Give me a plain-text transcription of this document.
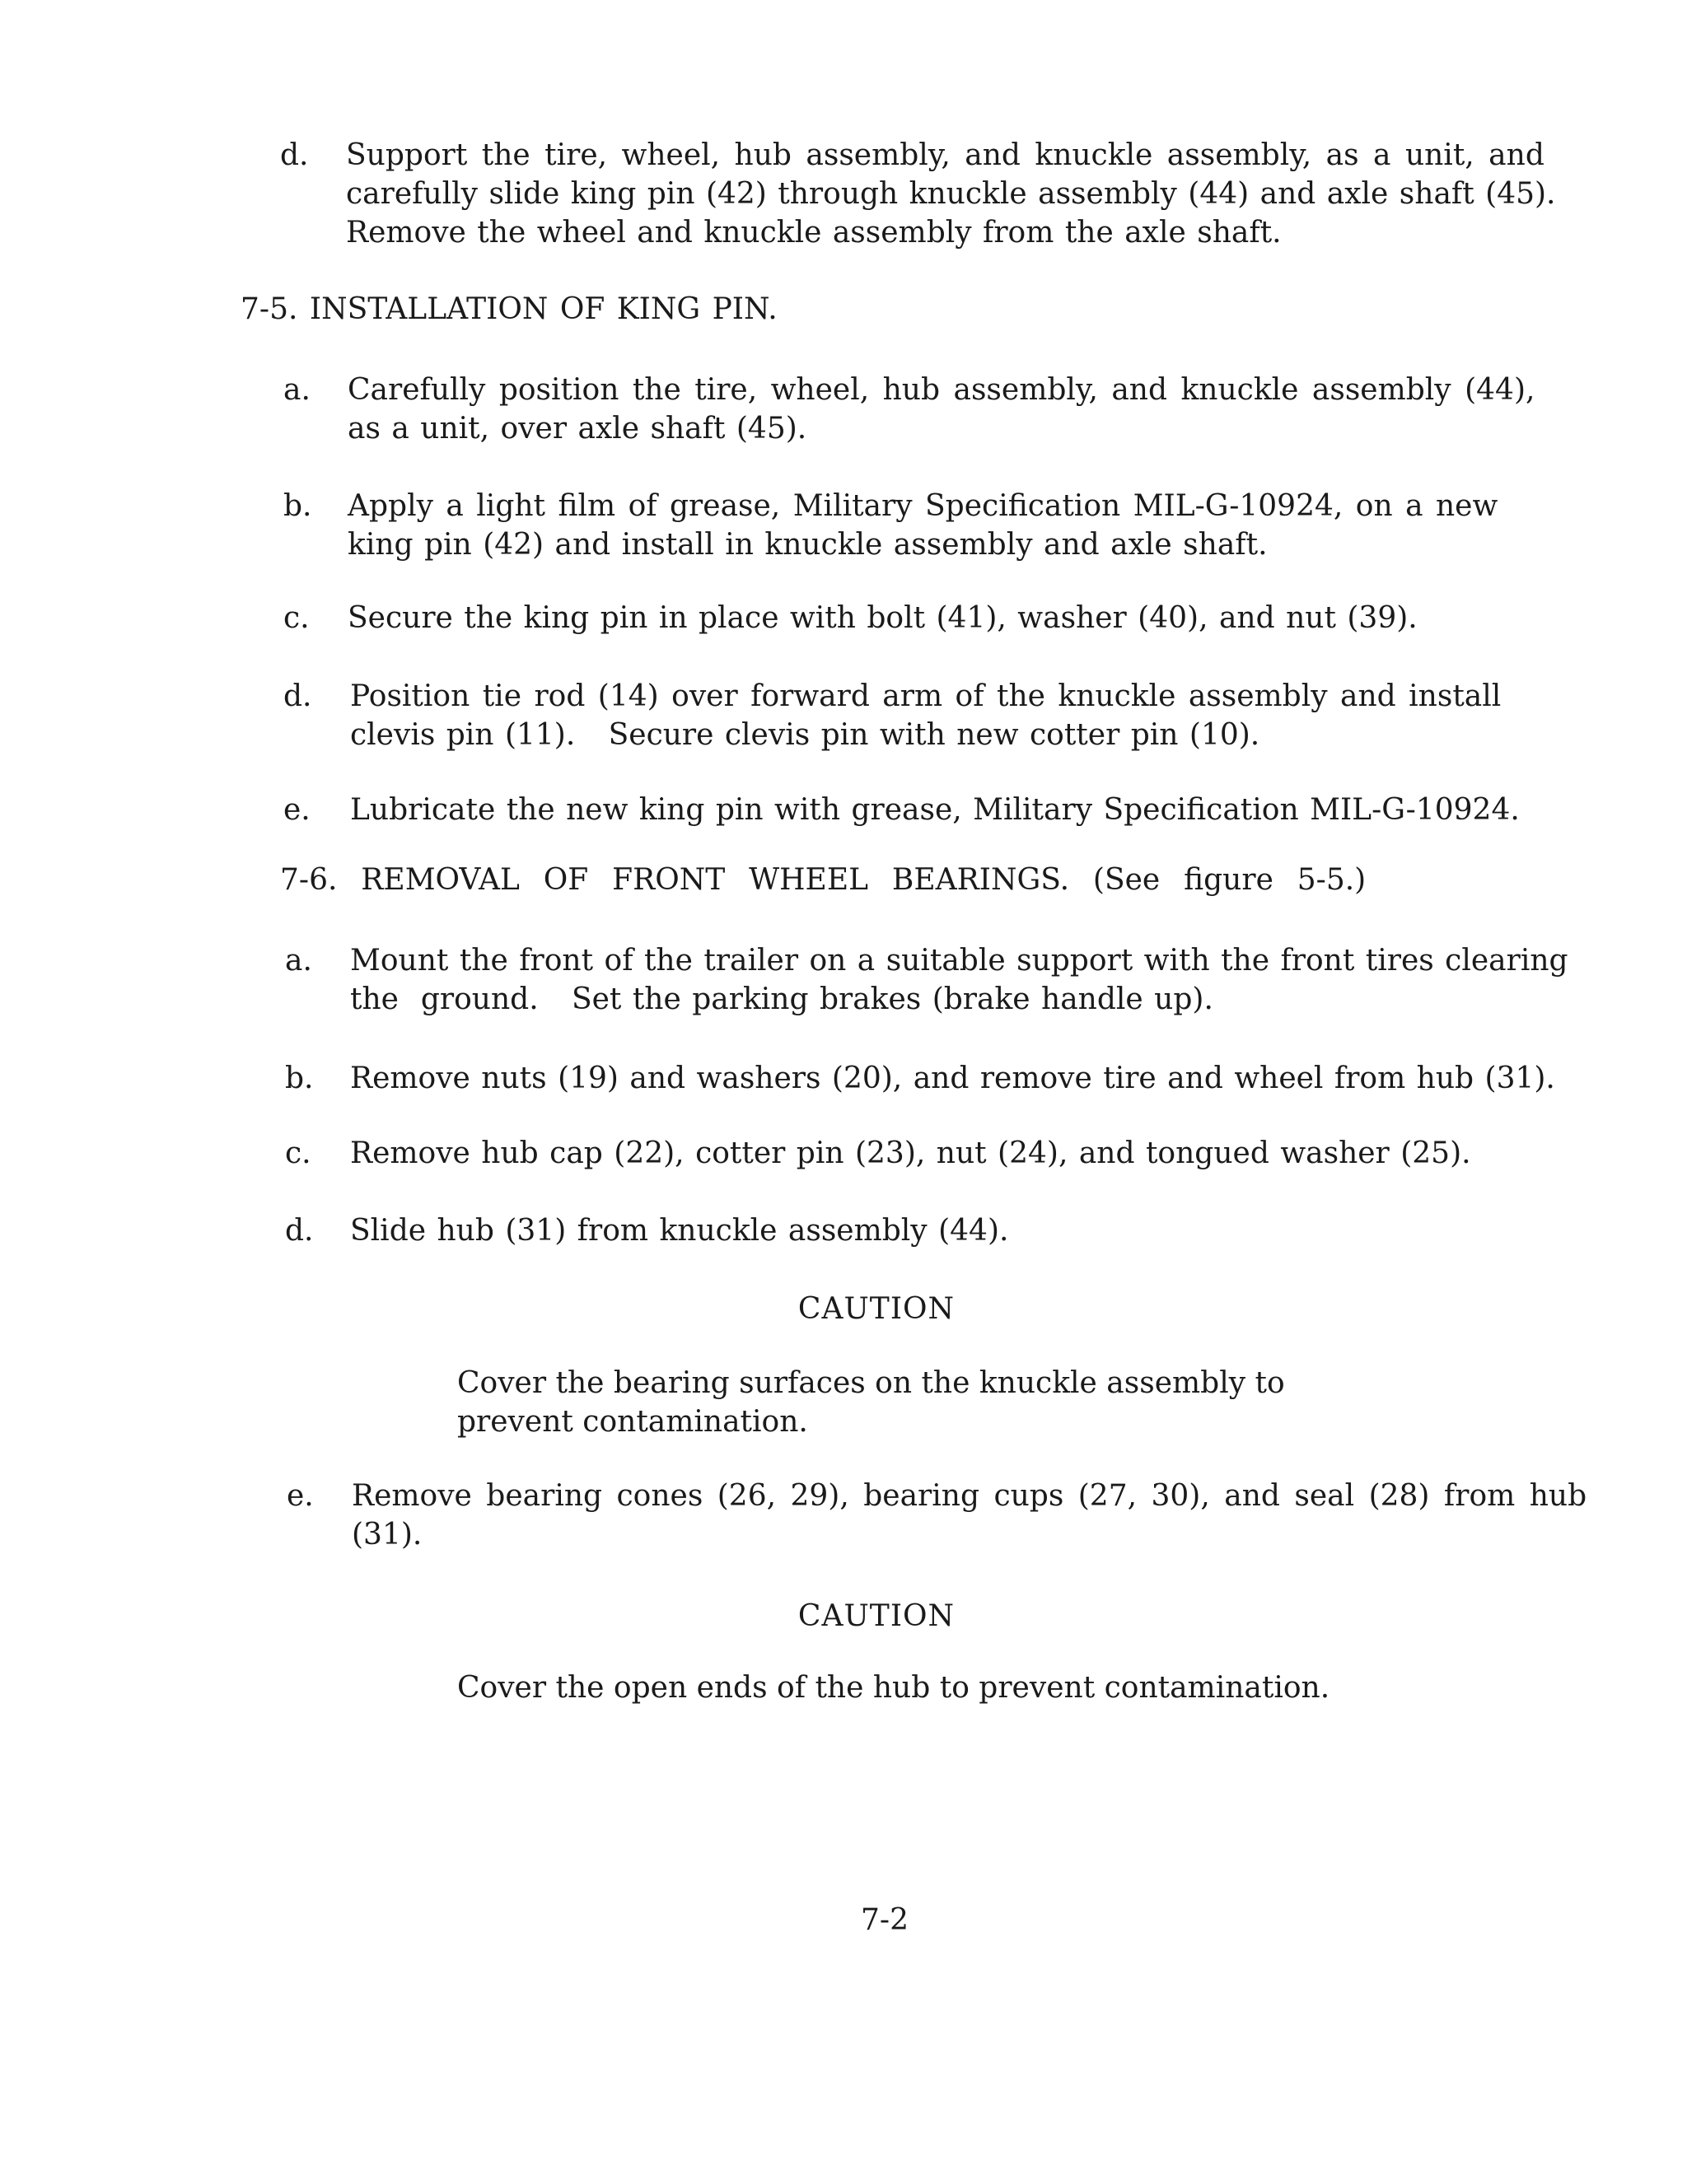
d. Support the tire, wheel, hub assembly, and knuckle assembly, as a unit, and
carefully slide king pin (42) through knuckle assembly (44) and axle shaft (45).
Remove the wheel and knuckle assembly from the axle shaft.
7-5. INSTALLATION OF KING PIN.
a. Carefully position the tire, wheel, hub assembly, and knuckle assembly (44),
as a unit, over axle shaft (45).
b. Apply a light film of grease, Military Specification MIL-G-10924, on a new
king pin (42) and install in knuckle assembly and axle shaft.
c. Secure the king pin in place with bolt (41), washer (40), and nut (39).
d. Position tie rod (14) over forward arm of the knuckle assembly and install
clevis pin (11).   Secure clevis pin with new cotter pin (10).
e. Lubricate the new king pin with grease, Military Specification MIL-G-10924.
7-6.  REMOVAL  OF  FRONT  WHEEL  BEARINGS.  (See  figure  5-5.)
a. Mount the front of the trailer on a suitable support with the front tires clearing
the  ground.   Set the parking brakes (brake handle up).
b. Remove nuts (19) and washers (20), and remove tire and wheel from hub (31).
c. Remove hub cap (22), cotter pin (23), nut (24), and tongued washer (25).
d. Slide hub (31) from knuckle assembly (44).
CAUTION
Cover the bearing surfaces on the knuckle assembly to
prevent contamination.
e. Remove bearing cones (26, 29), bearing cups (27, 30), and seal (28) from hub
(31).
CAUTION
Cover the open ends of the hub to prevent contamination.
7-2
